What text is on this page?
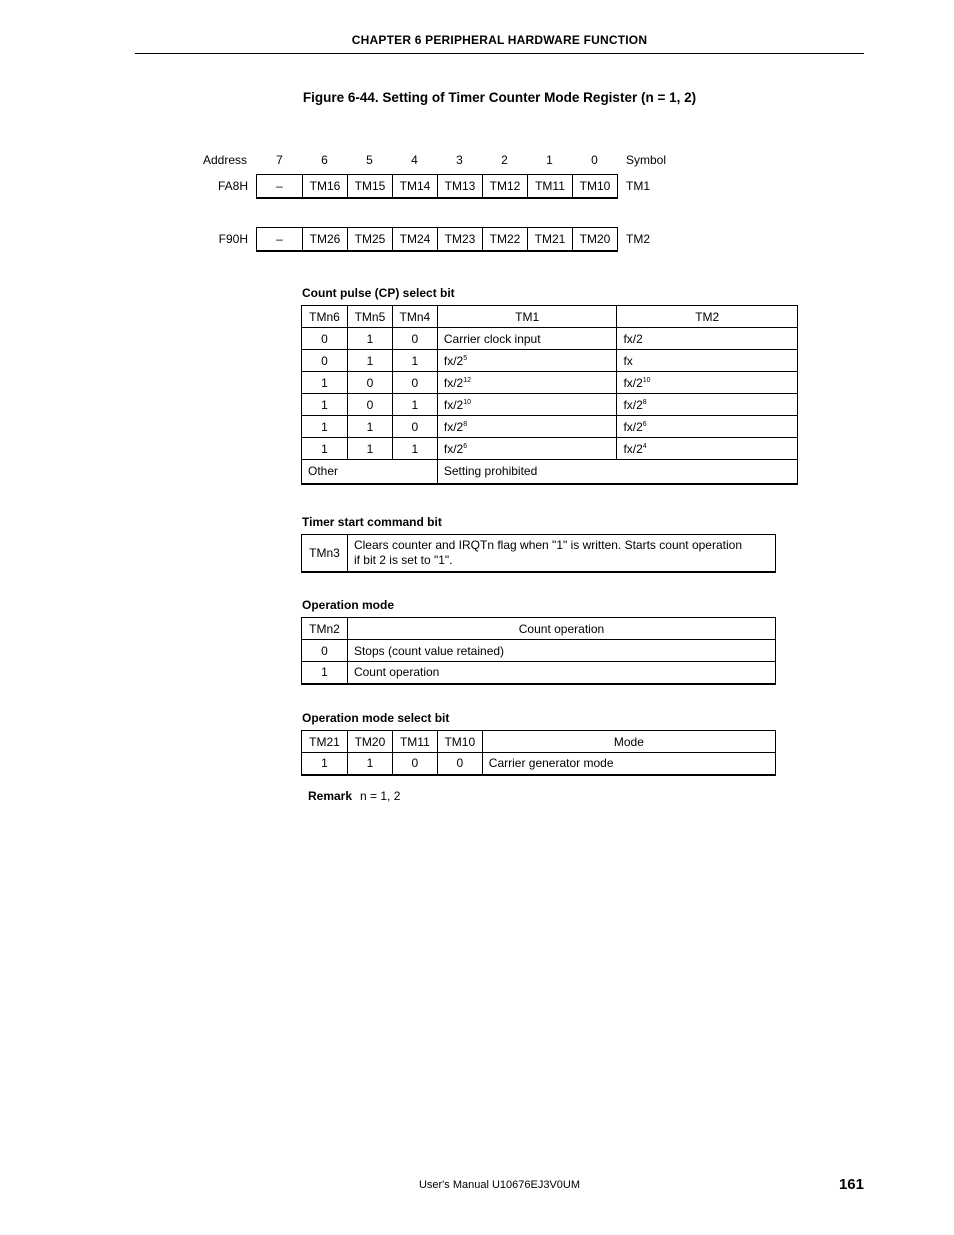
CHAPTER 6 PERIPHERAL HARDWARE FUNCTION
Figure 6-44. Setting of Timer Counter Mode Register (n = 1, 2)
Address	7	6	5	4	3	2	1	0	Symbol
FA8H	–	TM16	TM15	TM14	TM13	TM12	TM11	TM10	TM1
F90H	–	TM26	TM25	TM24	TM23	TM22	TM21	TM20	TM2
Count pulse (CP) select bit
TMn6	TMn5	TMn4	TM1	TM2
0	1	0	Carrier clock input	fx/2
0	1	1	$fx/2^5$	fx
1	0	0	$fx/2^{12}$	$fx/2^{10}$
1	0	1	$fx/2^{10}$	$fx/2^8$
1	1	0	$fx/2^8$	$fx/2^6$
1	1	1	$fx/2^6$	$fx/2^4$
Other			Setting prohibited	
Timer start command bit
TMn3	Clears counter and IRQTn flag when "1" is written. Starts count operation
if bit 2 is set to "1".
Operation mode
TMn2	Count operation
0	Stops (count value retained)
1	Count operation
Operation mode select bit
TM21	TM20	TM11	TM10	Mode
1	1	0	0	Carrier generator mode
Remark n = 1, 2
User's Manual U10676EJ3V0UM	161
